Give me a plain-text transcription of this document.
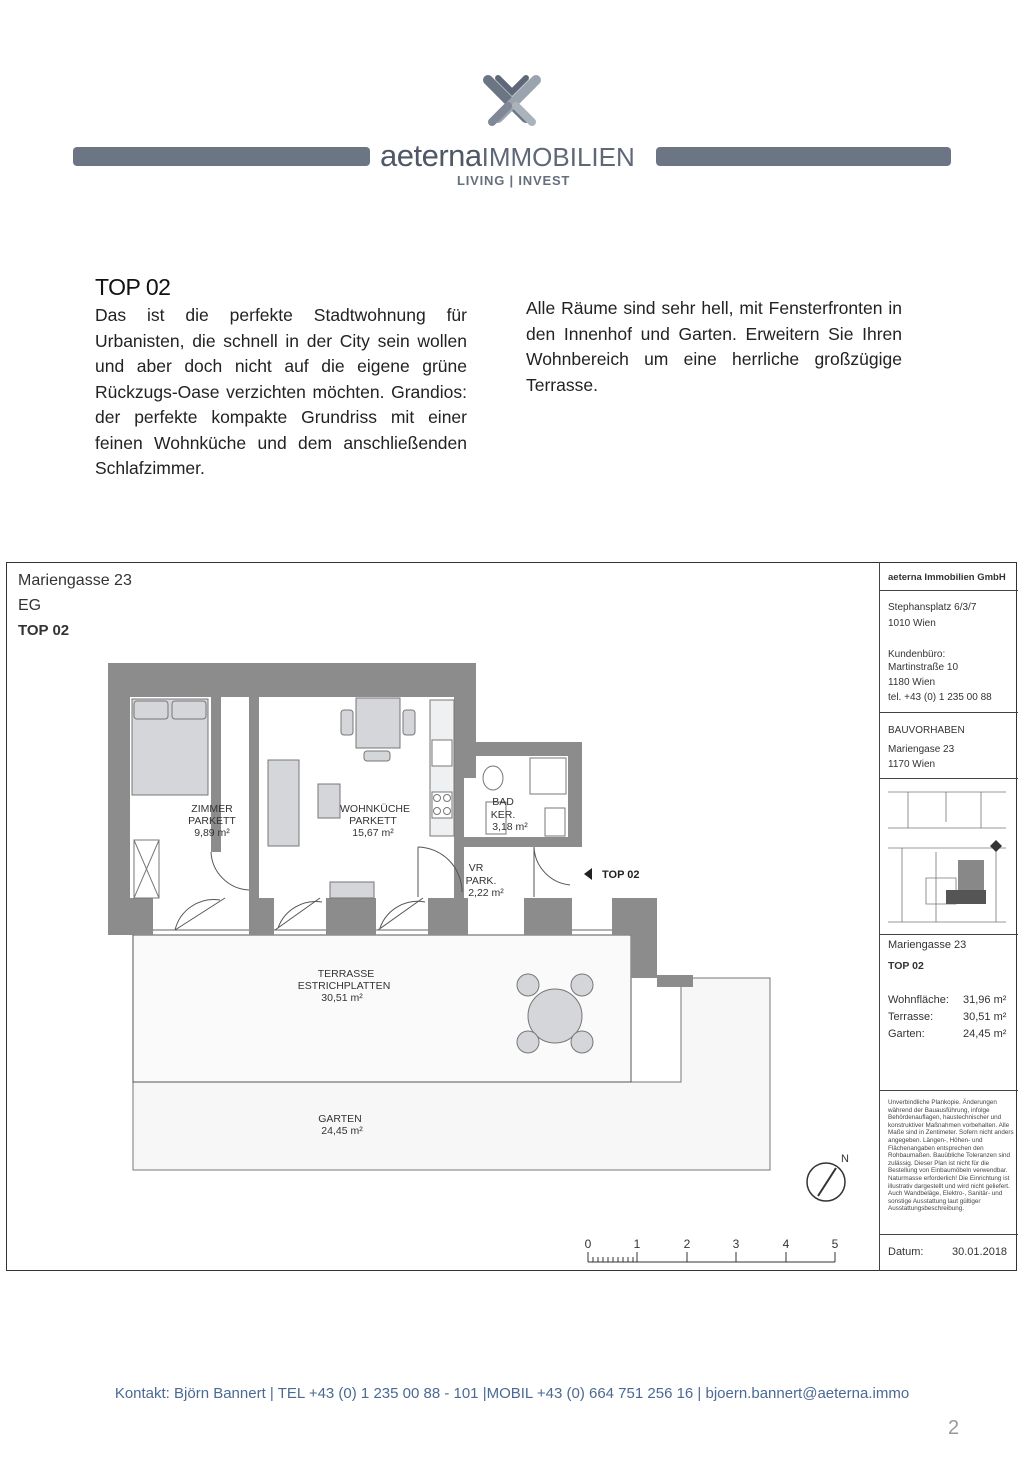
aeternaIMMOBILIEN
LIVING | INVEST
TOP 02

Das ist die perfekte Stadtwohnung für Urbanisten, die schnell in der City sein wollen und aber doch nicht auf die eigene grüne Rückzugs-Oase verzichten möchten. Grandios: der perfekte kompakte Grundriss mit einer feinen Wohnküche und dem anschließenden Schlafzimmer.

Alle Räume sind sehr hell, mit Fensterfronten in den Innenhof und Garten. Erweitern Sie Ihren Wohnbereich um eine herrliche großzügige Terrasse.

Mariengasse 23
EG
TOP 02
ZIMMER
PARKETT
9,89 m²
WOHNKÜCHE
PARKETT
15,67 m²
BAD
KER.
3,18 m²
VR
PARK.
2,22 m²
TERRASSE
ESTRICHPLATTEN
30,51 m²
GARTEN
24,45 m²
TOP 02
N
0	1	2	3	4	5
aeterna Immobilien GmbH
Stephansplatz 6/3/7
1010 Wien
Kundenbüro:
Martinstraße 10
1180 Wien
tel. +43 (0) 1 235 00 88
BAUVORHABEN
Mariengase 23
1170 Wien
Mariengasse 23
TOP 02
Wohnfläche: 31,96 m²
Terrasse:	30,51 m²
Garten:	24,45 m²
Unverbindliche Plankopie. Änderungen während der Bauausführung, infolge Behördenauflagen, haustechnischer und konstruktiver Maßnahmen vorbehalten. Alle Maße sind in Zentimeter. Sofern nicht anders angegeben. Längen-, Höhen- und Flächenangaben entsprechen den Rohbaumaßen. Bauübliche Toleranzen sind zulässig. Dieser Plan ist nicht für die Bestellung von Einbaumöbeln verwendbar. Naturmasse erforderlich! Die Einrichtung ist illustrativ dargestellt und wird nicht geliefert. Auch Wandbeläge, Elektro-, Sanitär- und sonstige Ausstattung laut gültiger Ausstattungsbeschreibung.
Datum:	30.01.2018
Kontakt: Björn Bannert | TEL +43 (0) 1 235 00 88 - 101 |MOBIL +43 (0) 664 751 256 16 | bjoern.bannert@aeterna.immo
2
